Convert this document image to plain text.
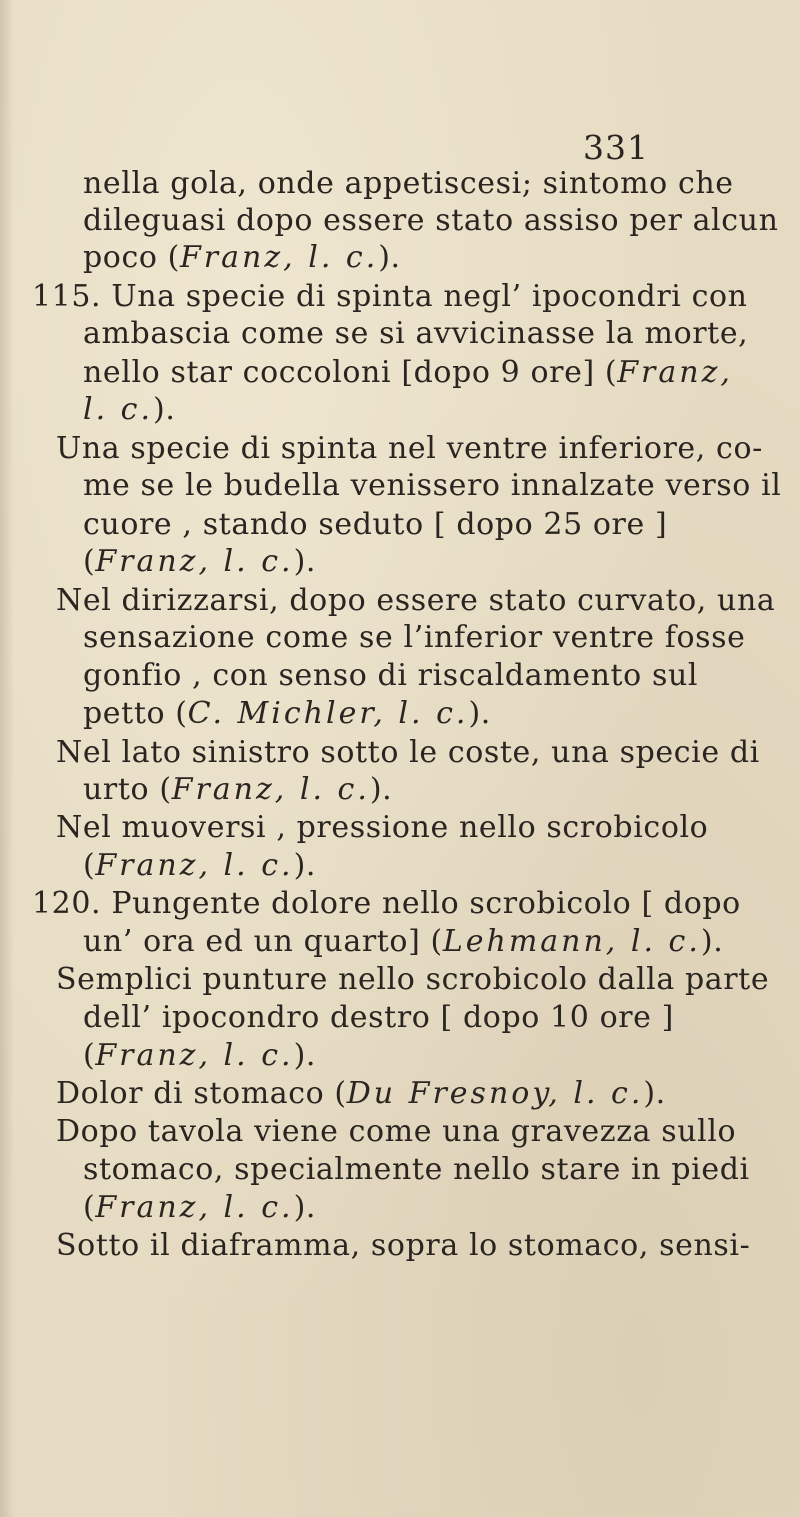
331
nella gola, onde appetiscesi; sintomo che
dileguasi dopo essere stato assiso per alcun
poco (Franz, l. c.).
115. Una specie di spinta negl’ ipocondri con
ambascia come se si avvicinasse la morte,
nello star coccoloni [dopo 9 ore] (Franz,
l. c.).
Una specie di spinta nel ventre inferiore, co-
me se le budella venissero innalzate verso il
cuore , stando seduto [ dopo 25 ore ]
(Franz, l. c.).
Nel dirizzarsi, dopo essere stato curvato, una
sensazione come se l’inferior ventre fosse
gonfio , con senso di riscaldamento sul
petto (C. Michler, l. c.).
Nel lato sinistro sotto le coste, una specie di
urto (Franz, l. c.).
Nel muoversi , pressione nello scrobicolo
(Franz, l. c.).
120. Pungente dolore nello scrobicolo [ dopo
un’ ora ed un quarto] (Lehmann, l. c.).
Semplici punture nello scrobicolo dalla parte
dell’ ipocondro destro [ dopo 10 ore ]
(Franz, l. c.).
Dolor di stomaco (Du Fresnoy, l. c.).
Dopo tavola viene come una gravezza sullo
stomaco, specialmente nello stare in piedi
(Franz, l. c.).
Sotto il diaframma, sopra lo stomaco, sensi-
